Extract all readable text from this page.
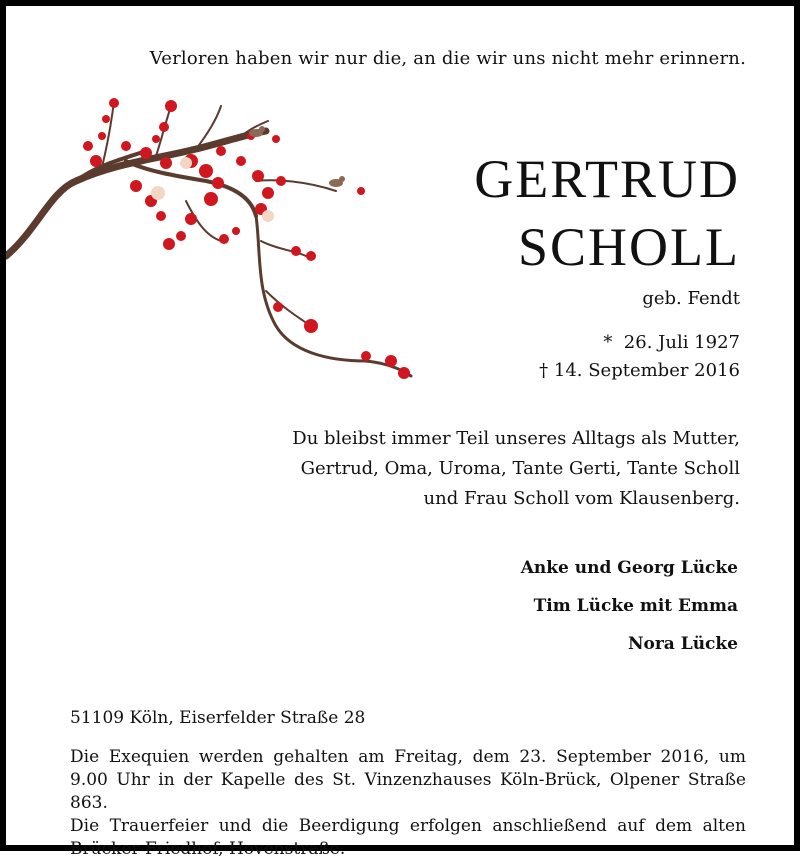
Verloren haben wir nur die, an die wir uns nicht mehr erinnern.
GERTRUD
SCHOLL
geb. Fendt
*  26. Juli 1927
† 14. September 2016
Du bleibst immer Teil unseres Alltags als Mutter,
Gertrud, Oma, Uroma, Tante Gerti, Tante Scholl
und Frau Scholl vom Klausenberg.
Anke und Georg Lücke
Tim Lücke mit Emma
Nora Lücke
51109 Köln, Eiserfelder Straße 28

Die Exequien werden gehalten am Freitag, dem 23. September 2016, um 9.00 Uhr in der Kapelle des St. Vinzenzhauses Köln-Brück, Olpener Straße 863.

Die Trauerfeier und die Beerdigung erfolgen anschließend auf dem alten Brücker Friedhof, Hovenstraße.
